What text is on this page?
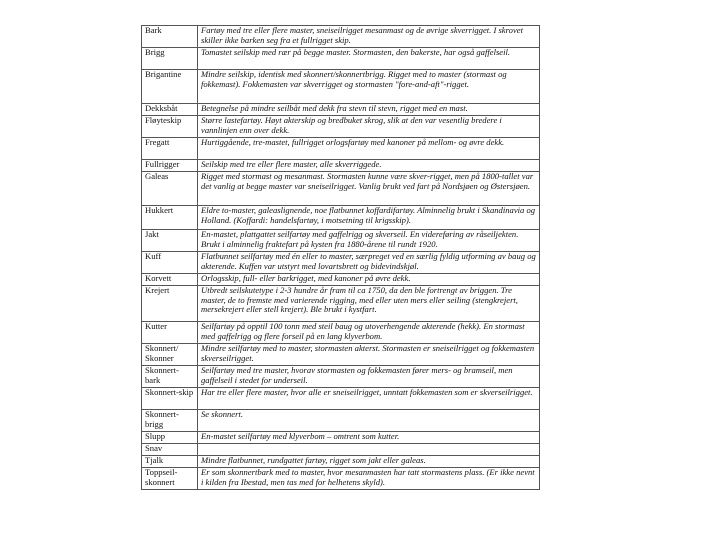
Bark	Fartøy med tre eller flere master, sneiseilrigget mesanmast og de øvrige skverrigget. I skrovet skiller ikke barken seg fra et fullrigget skip.
Brigg	Tomastet seilskip med rær på begge master. Stormasten, den bakerste, har også gaffelseil.
Brigantine	Mindre seilskip, identisk med skonnert/skonnertbrigg. Rigget med to master (stormast og fokkemast). Fokkemasten var skverrigget og stormasten "fore-and-aft"-rigget.
Dekksbåt	Betegnelse på mindre seilbåt med dekk fra stevn til stevn, rigget med en mast.
Fløyteskip	Større lastefartøy. Høyt akterskip og bredbuket skrog, slik at den var vesentlig bredere i vannlinjen enn over dekk.
Fregatt	Hurtiggående, tre-mastet, fullrigget orlogsfartøy med kanoner på mellom- og øvre dekk.
Fullrigger	Seilskip med tre eller flere master, alle skverriggede.
Galeas	Rigget med stormast og mesanmast. Stormasten kunne være skver-rigget, men på 1800-tallet var det vanlig at begge master var sneiseilrigget. Vanlig brukt ved fart på Nordsjøen og Østersjøen.
Hukkert	Eldre to-master, galeaslignende, noe flatbunnet koffardifartøy. Alminnelig brukt i Skandinavia og Holland. (Koffardi: handelsfartøy, i motsetning til krigsskip).
Jakt	En-mastet, plattgattet seilfartøy med gaffelrigg og skverseil. En videreføring av råseiljekten. Brukt i alminnelig fraktefart på kysten fra 1880-årene til rundt 1920.
Kuff	Flatbunnet seilfartøy med én eller to master, særpreget ved en særlig fyldig utforming av baug og akterende. Kuffen var utstyrt med lovartsbrett og bidevindskjøl.
Korvett	Orlogsskip, full- eller barkrigget, med kanoner på øvre dekk.
Krejert	Utbredt seilskutetype i 2-3 hundre år fram til ca 1750, da den ble fortrengt av briggen. Tre master, de to fremste med varierende rigging, med eller uten mers eller seiling (stengkrejert, mersekrejert eller stell krejert). Ble brukt i kystfart.
Kutter	Seilfartøy på opptil 100 tonn med steil baug og utoverhengende akterende (hekk). En stormast med gaffelrigg og flere forseil på en lang klyverbom.
Skonnert/ Skonner	Mindre seilfartøy med to master, stormasten akterst. Stormasten er sneiseilrigget og fokkemasten skverseilrigget.
Skonnert-bark	Seilfartøy med tre master, hvorav stormasten og fokkemasten fører mers- og bramseil, men gaffelseil i stedet for underseil.
Skonnert-skip	Har tre eller flere master, hvor alle er sneiseilrigget, unntatt fokkemasten som er skverseilrigget.
Skonnert-brigg	Se skonnert.
Slupp	En-mastet seilfartøy med klyverbom – omtrent som kutter.
Snav	
Tjalk	Mindre flatbunnet, rundgattet fartøy, rigget som jakt eller galeas.
Toppseil-skonnert	Er som skonnertbark med to master, hvor mesanmasten har tatt stormastens plass. (Er ikke nevnt i kilden fra Ibestad, men tas med for helhetens skyld).
